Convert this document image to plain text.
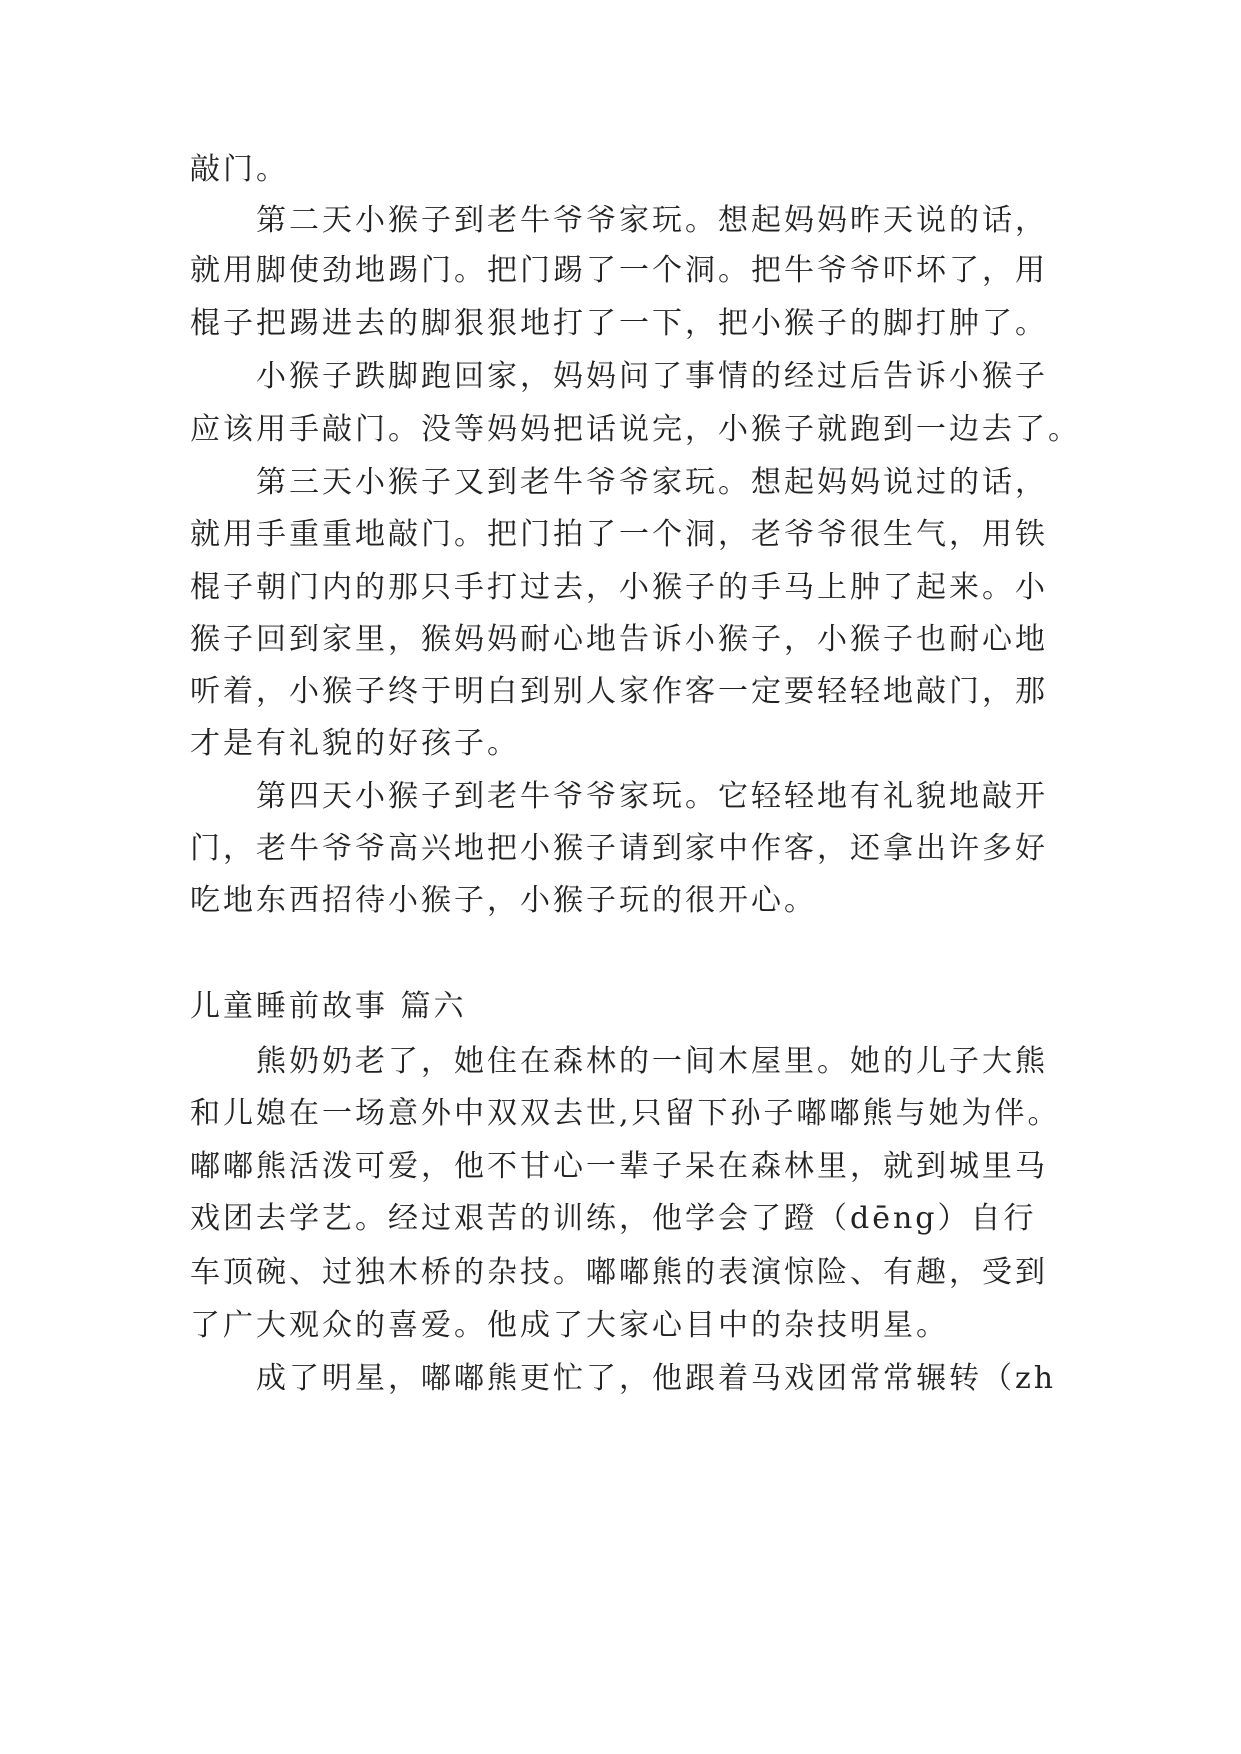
敲门。
第二天小猴子到老牛爷爷家玩。想起妈妈昨天说的话，
就用脚使劲地踢门。把门踢了一个洞。把牛爷爷吓坏了，用
棍子把踢进去的脚狠狠地打了一下，把小猴子的脚打肿了。
小猴子跌脚跑回家，妈妈问了事情的经过后告诉小猴子
应该用手敲门。没等妈妈把话说完，小猴子就跑到一边去了。
第三天小猴子又到老牛爷爷家玩。想起妈妈说过的话，
就用手重重地敲门。把门拍了一个洞，老爷爷很生气，用铁
棍子朝门内的那只手打过去，小猴子的手马上肿了起来。小
猴子回到家里，猴妈妈耐心地告诉小猴子，小猴子也耐心地
听着，小猴子终于明白到别人家作客一定要轻轻地敲门，那
才是有礼貌的好孩子。
第四天小猴子到老牛爷爷家玩。它轻轻地有礼貌地敲开
门，老牛爷爷高兴地把小猴子请到家中作客，还拿出许多好
吃地东西招待小猴子，小猴子玩的很开心。
儿童睡前故事 篇六
熊奶奶老了，她住在森林的一间木屋里。她的儿子大熊
和儿媳在一场意外中双双去世,只留下孙子嘟嘟熊与她为伴。
嘟嘟熊活泼可爱，他不甘心一辈子呆在森林里，就到城里马
戏团去学艺。经过艰苦的训练，他学会了蹬（dēng）自行
车顶碗、过独木桥的杂技。嘟嘟熊的表演惊险、有趣，受到
了广大观众的喜爱。他成了大家心目中的杂技明星。
成了明星，嘟嘟熊更忙了，他跟着马戏团常常辗转（zh
